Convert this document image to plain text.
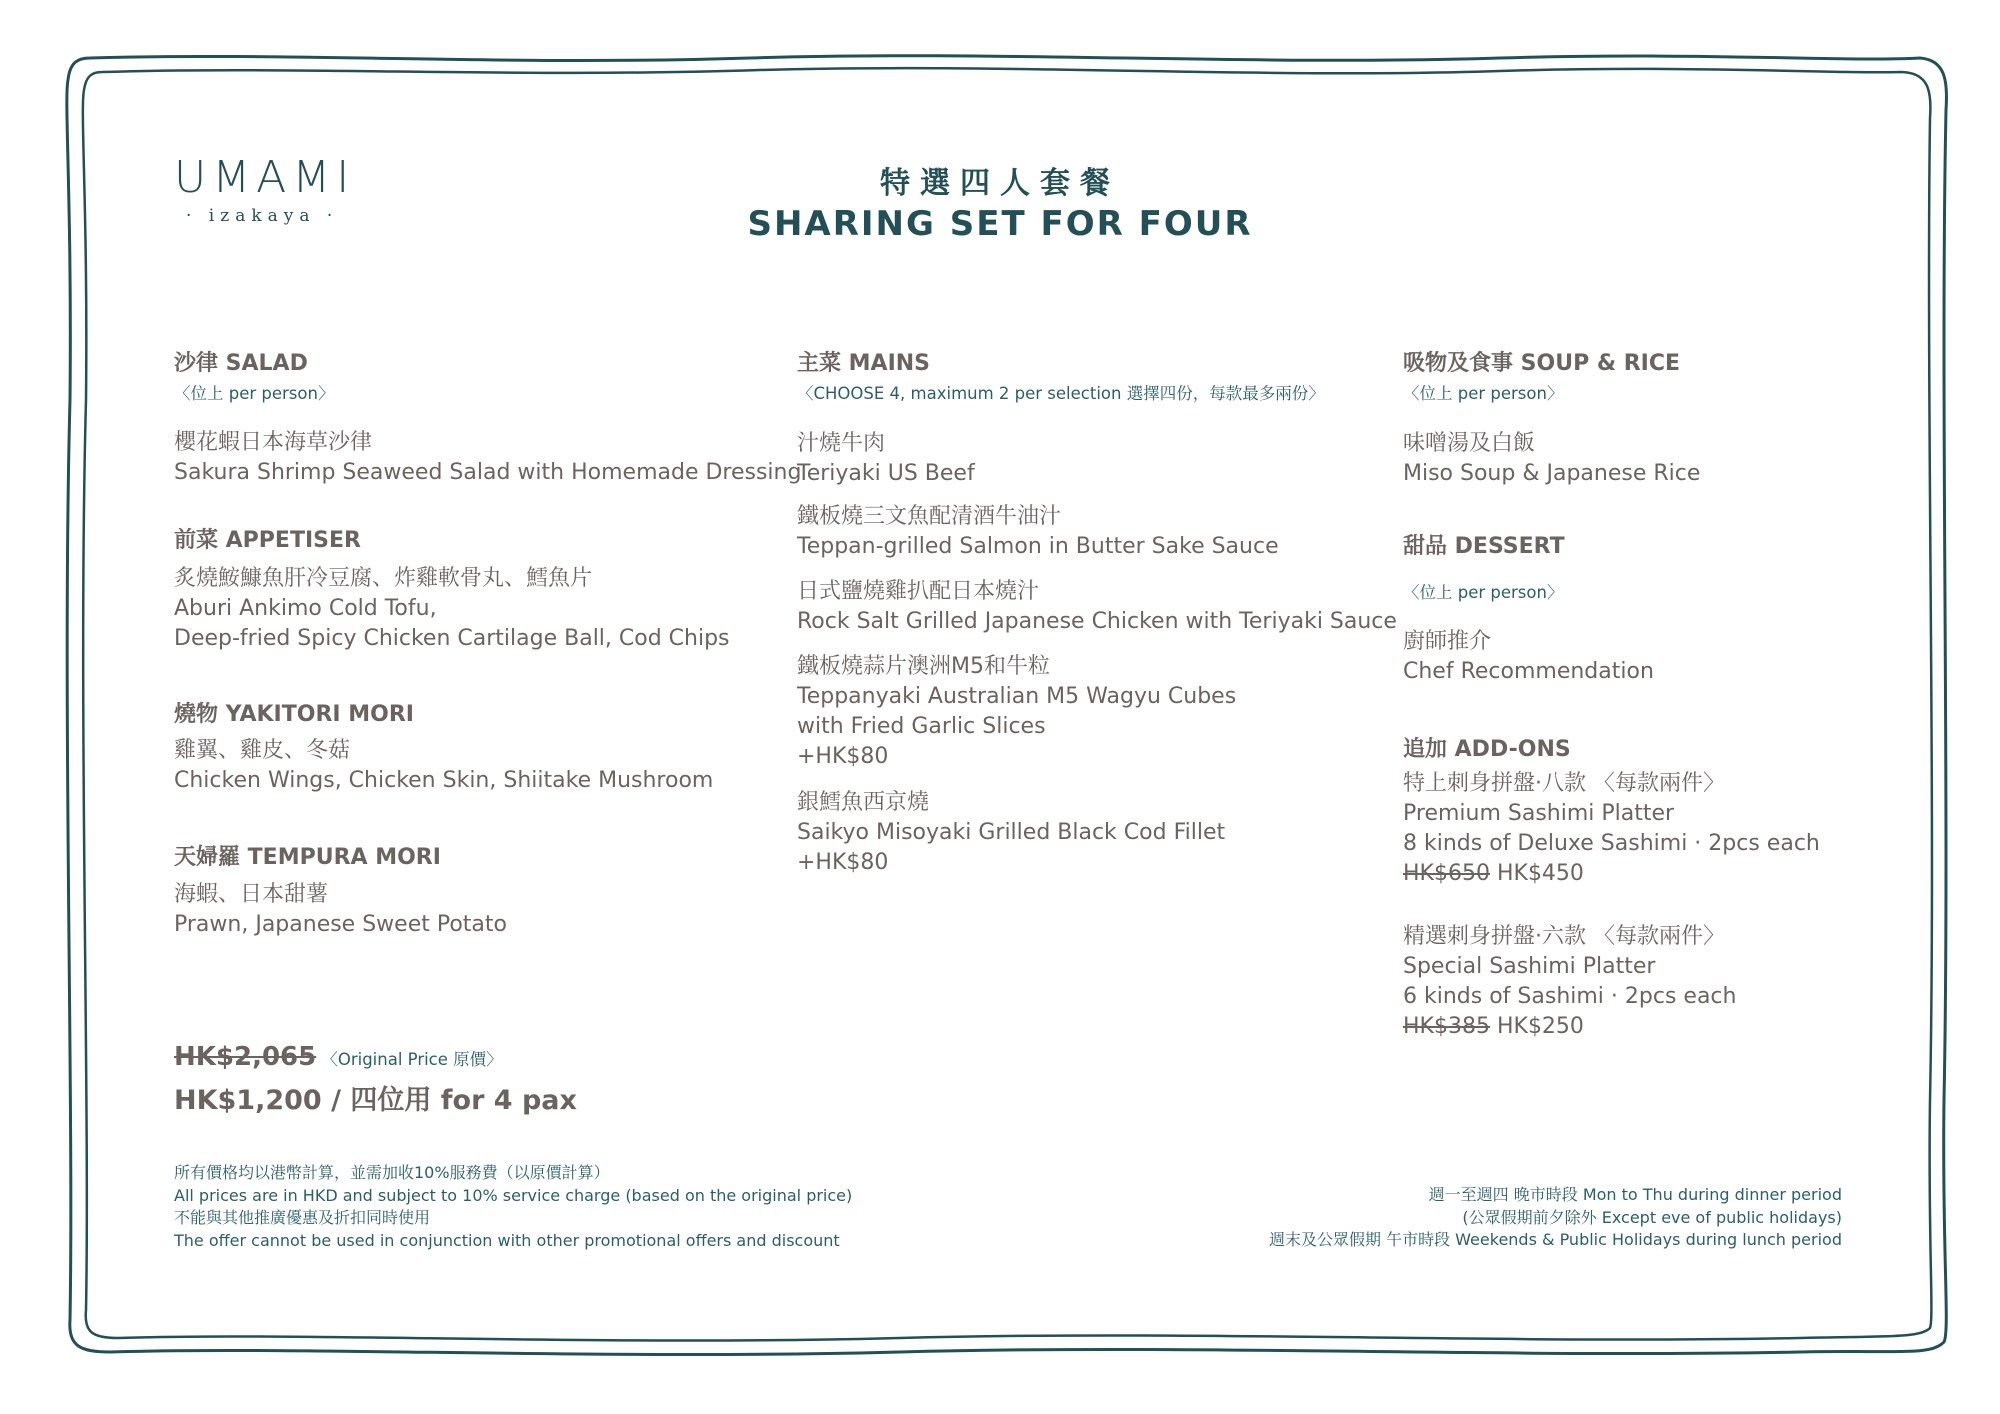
UMAMI
· izakaya ·
特選四人套餐
SHARING SET FOR FOUR
沙律 SALAD
〈位上 per person〉
櫻花蝦日本海草沙律
Sakura Shrimp Seaweed Salad with Homemade Dressing
前菜 APPETISER
炙燒鮟鱇魚肝冷豆腐、炸雞軟骨丸、鱈魚片
Aburi Ankimo Cold Tofu,
Deep-fried Spicy Chicken Cartilage Ball, Cod Chips
燒物 YAKITORI MORI
雞翼、雞皮、冬菇
Chicken Wings, Chicken Skin, Shiitake Mushroom
天婦羅 TEMPURA MORI
海蝦、日本甜薯
Prawn, Japanese Sweet Potato
HK$2,065 〈Original Price 原價〉
HK$1,200 / 四位用 for 4 pax
主菜 MAINS
〈CHOOSE 4, maximum 2 per selection 選擇四份，每款最多兩份〉
汁燒牛肉
Teriyaki US Beef
鐵板燒三文魚配清酒牛油汁
Teppan-grilled Salmon in Butter Sake Sauce
日式鹽燒雞扒配日本燒汁
Rock Salt Grilled Japanese Chicken with Teriyaki Sauce
鐵板燒蒜片澳洲M5和牛粒
Teppanyaki Australian M5 Wagyu Cubes
with Fried Garlic Slices
+HK$80
銀鱈魚西京燒
Saikyo Misoyaki Grilled Black Cod Fillet
+HK$80
吸物及食事 SOUP & RICE
〈位上 per person〉
味噌湯及白飯
Miso Soup & Japanese Rice
甜品 DESSERT
〈位上 per person〉
廚師推介
Chef Recommendation
追加 ADD-ONS
特上刺身拼盤·八款 〈每款兩件〉
Premium Sashimi Platter
8 kinds of Deluxe Sashimi · 2pcs each
HK$650 HK$450
精選刺身拼盤·六款 〈每款兩件〉
Special Sashimi Platter
6 kinds of Sashimi · 2pcs each
HK$385 HK$250
所有價格均以港幣計算，並需加收10%服務費（以原價計算）
All prices are in HKD and subject to 10% service charge (based on the original price)
不能與其他推廣優惠及折扣同時使用
The offer cannot be used in conjunction with other promotional offers and discount
週一至週四 晚市時段 Mon to Thu during dinner period
(公眾假期前夕除外 Except eve of public holidays)
週末及公眾假期 午市時段 Weekends & Public Holidays during lunch period
